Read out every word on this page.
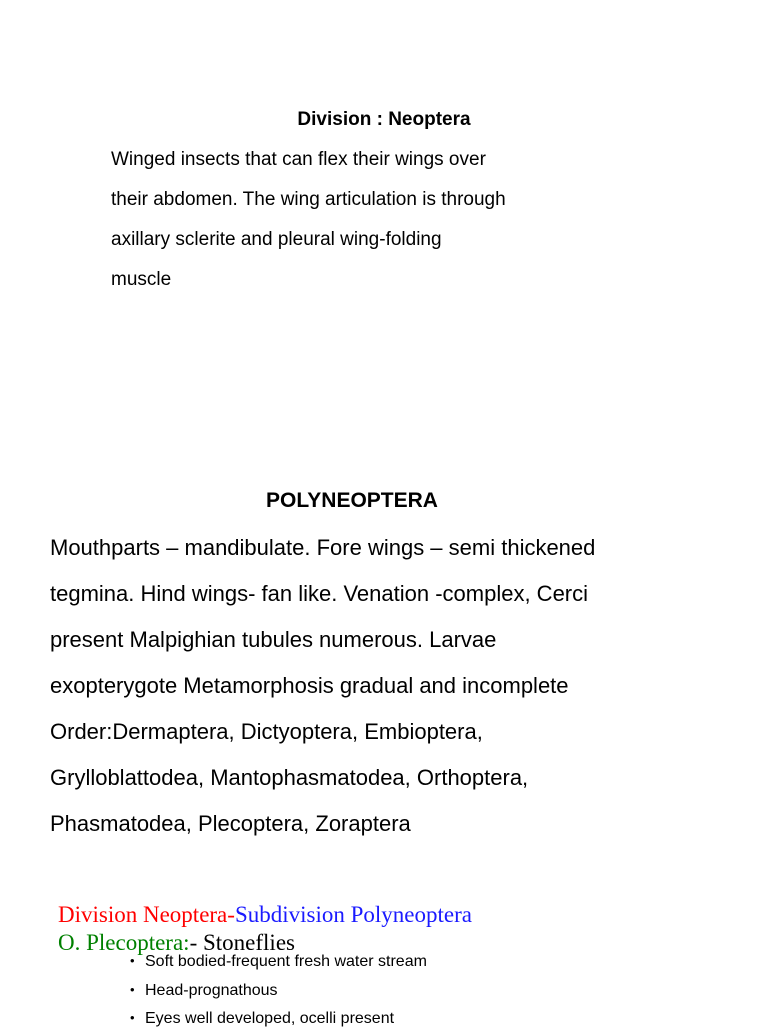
Division : Neoptera
Winged insects that can flex their wings over
their abdomen. The wing articulation is through
axillary sclerite and pleural wing-folding
muscle
POLYNEOPTERA
Mouthparts – mandibulate. Fore wings – semi thickened
tegmina. Hind wings- fan like. Venation -complex, Cerci
present Malpighian tubules numerous. Larvae
exopterygote Metamorphosis gradual and incomplete
Order:Dermaptera, Dictyoptera, Embioptera,
Grylloblattodea, Mantophasmatodea, Orthoptera,
Phasmatodea, Plecoptera, Zoraptera
Division Neoptera-Subdivision Polyneoptera
O. Plecoptera:- Stoneflies
• Soft bodied-frequent fresh water stream
• Head-prognathous
• Eyes well developed, ocelli present
